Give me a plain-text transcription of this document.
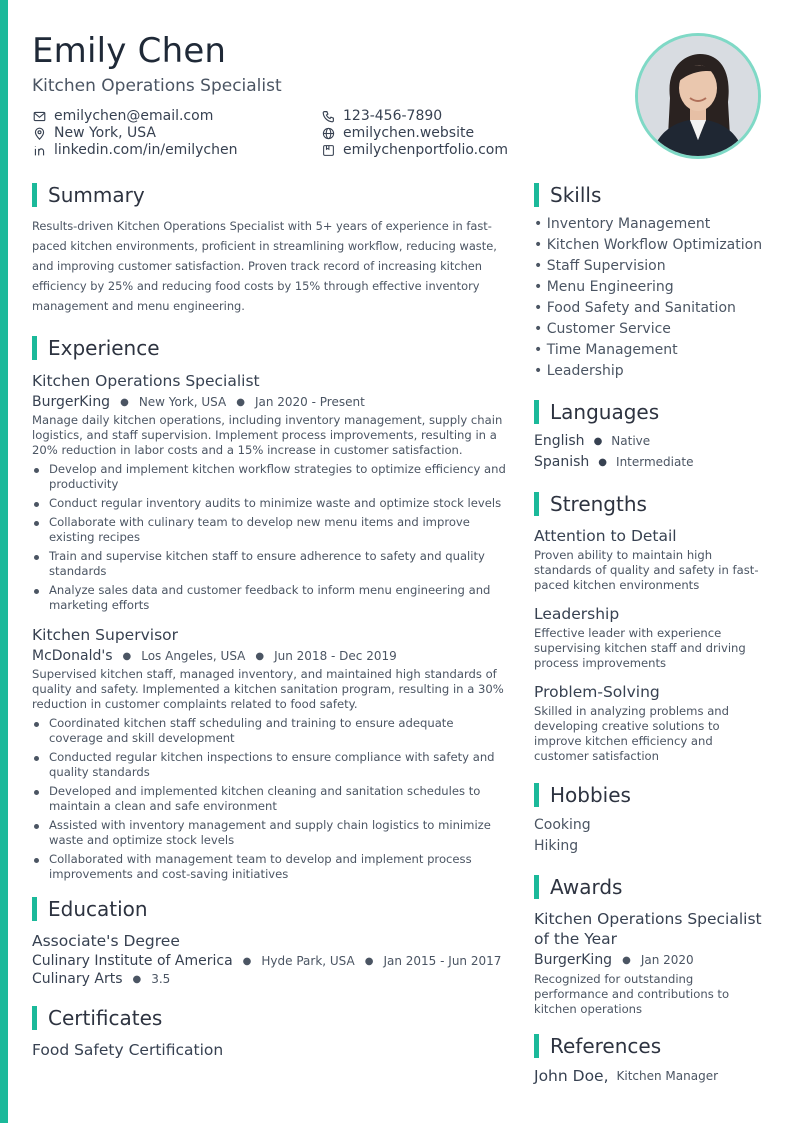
Emily Chen
Kitchen Operations Specialist
emilychen@email.com
New York, USA
linkedin.com/in/emilychen
123-456-7890
emilychen.website
emilychenportfolio.com
Summary

Results-driven Kitchen Operations Specialist with 5+ years of experience in fast-paced kitchen environments, proficient in streamlining workflow, reducing waste, and improving customer satisfaction. Proven track record of increasing kitchen efficiency by 25% and reducing food costs by 15% through effective inventory management and menu engineering.

Experience
Kitchen Operations Specialist
BurgerKing ● New York, USA ● Jan 2020 - Present

Manage daily kitchen operations, including inventory management, supply chain logistics, and staff supervision. Implement process improvements, resulting in a 20% reduction in labor costs and a 15% increase in customer satisfaction.

Develop and implement kitchen workflow strategies to optimize efficiency and productivity
Conduct regular inventory audits to minimize waste and optimize stock levels
Collaborate with culinary team to develop new menu items and improve existing recipes
Train and supervise kitchen staff to ensure adherence to safety and quality standards
Analyze sales data and customer feedback to inform menu engineering and marketing efforts
Kitchen Supervisor
McDonald's ● Los Angeles, USA ● Jun 2018 - Dec 2019

Supervised kitchen staff, managed inventory, and maintained high standards of quality and safety. Implemented a kitchen sanitation program, resulting in a 30% reduction in customer complaints related to food safety.

Coordinated kitchen staff scheduling and training to ensure adequate coverage and skill development
Conducted regular kitchen inspections to ensure compliance with safety and quality standards
Developed and implemented kitchen cleaning and sanitation schedules to maintain a clean and safe environment
Assisted with inventory management and supply chain logistics to minimize waste and optimize stock levels
Collaborated with management team to develop and implement process improvements and cost-saving initiatives
Education
Associate's Degree
Culinary Institute of America ● Hyde Park, USA ● Jan 2015 - Jun 2017
Culinary Arts ● 3.5
Certificates
Food Safety Certification
Skills
• Inventory Management
• Kitchen Workflow Optimization
• Staff Supervision
• Menu Engineering
• Food Safety and Sanitation
• Customer Service
• Time Management
• Leadership
Languages
English ● Native
Spanish ● Intermediate
Strengths
Attention to Detail

Proven ability to maintain high standards of quality and safety in fast-paced kitchen environments

Leadership

Effective leader with experience supervising kitchen staff and driving process improvements

Problem-Solving

Skilled in analyzing problems and developing creative solutions to improve kitchen efficiency and customer satisfaction

Hobbies
Cooking
Hiking
Awards
Kitchen Operations Specialist of the Year
BurgerKing ● Jan 2020

Recognized for outstanding performance and contributions to kitchen operations

References
John Doe, Kitchen Manager
